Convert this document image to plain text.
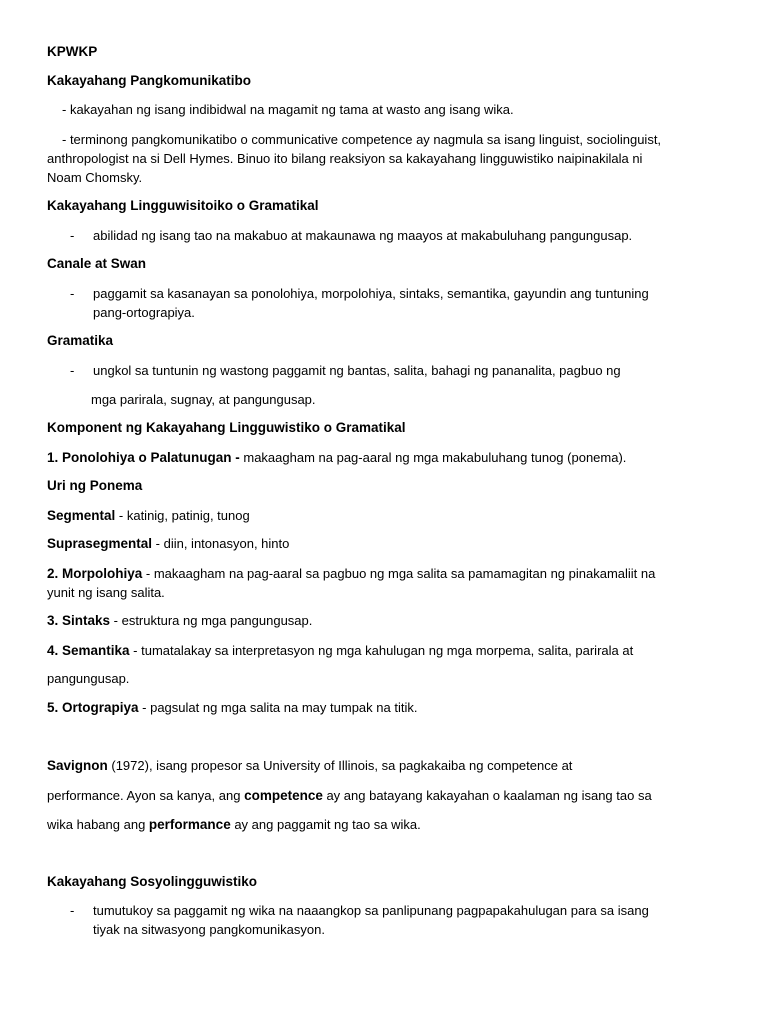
KPWKP
Kakayahang Pangkomunikatibo
- kakayahan ng isang indibidwal na magamit ng tama at wasto ang isang wika.
- terminong pangkomunikatibo o communicative competence ay nagmula sa isang linguist, sociolinguist,
anthropologist na si Dell Hymes. Binuo ito bilang reaksiyon sa kakayahang lingguwistiko naipinakilala ni
Noam Chomsky.
Kakayahang Lingguwisitoiko o Gramatikal
- abilidad ng isang tao na makabuo at makaunawa ng maayos at makabuluhang pangungusap.
Canale at Swan
- paggamit sa kasanayan sa ponolohiya, morpolohiya, sintaks, semantika, gayundin ang tuntuning
pang-ortograpiya.
Gramatika
- ungkol sa tuntunin ng wastong paggamit ng bantas, salita, bahagi ng pananalita, pagbuo ng
mga parirala, sugnay, at pangungusap.
Komponent ng Kakayahang Lingguwistiko o Gramatikal
1. Ponolohiya o Palatunugan - makaagham na pag-aaral ng mga makabuluhang tunog (ponema).
Uri ng Ponema
Segmental - katinig, patinig, tunog
Suprasegmental - diin, intonasyon, hinto
2. Morpolohiya - makaagham na pag-aaral sa pagbuo ng mga salita sa pamamagitan ng pinakamaliit na
yunit ng isang salita.
3. Sintaks - estruktura ng mga pangungusap.
4. Semantika - tumatalakay sa interpretasyon ng mga kahulugan ng mga morpema, salita, parirala at
pangungusap.
5. Ortograpiya - pagsulat ng mga salita na may tumpak na titik.
Savignon (1972), isang propesor sa University of Illinois, sa pagkakaiba ng competence at
performance. Ayon sa kanya, ang competence ay ang batayang kakayahan o kaalaman ng isang tao sa
wika habang ang performance ay ang paggamit ng tao sa wika.
Kakayahang Sosyolingguwistiko
- tumutukoy sa paggamit ng wika na naaangkop sa panlipunang pagpapakahulugan para sa isang
tiyak na sitwasyong pangkomunikasyon.
